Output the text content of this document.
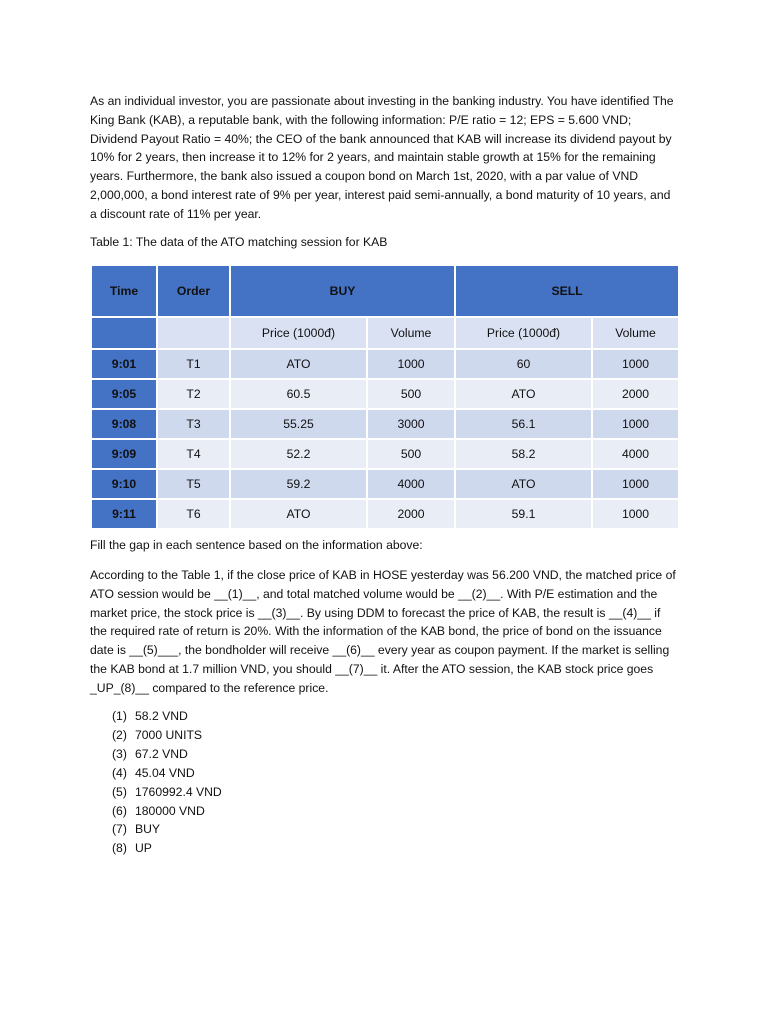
As an individual investor, you are passionate about investing in the banking industry. You have identified The King Bank (KAB), a reputable bank, with the following information: P/E ratio = 12; EPS = 5.600 VND; Dividend Payout Ratio = 40%; the CEO of the bank announced that KAB will increase its dividend payout by 10% for 2 years, then increase it to 12% for 2 years, and maintain stable growth at 15% for the remaining years. Furthermore, the bank also issued a coupon bond on March 1st, 2020, with a par value of VND 2,000,000, a bond interest rate of 9% per year, interest paid semi-annually, a bond maturity of 10 years, and a discount rate of 11% per year.

Table 1: The data of the ATO matching session for KAB

Time	Order	BUY		SELL	
		Price (1000đ)	Volume	Price (1000đ)	Volume
9:01	T1	ATO	1000	60	1000
9:05	T2	60.5	500	ATO	2000
9:08	T3	55.25	3000	56.1	1000
9:09	T4	52.2	500	58.2	4000
9:10	T5	59.2	4000	ATO	1000
9:11	T6	ATO	2000	59.1	1000

Fill the gap in each sentence based on the information above:

According to the Table 1, if the close price of KAB in HOSE yesterday was 56.200 VND, the matched price of ATO session would be __(1)__, and total matched volume would be __(2)__. With P/E estimation and the market price, the stock price is __(3)__. By using DDM to forecast the price of KAB, the result is __(4)__ if the required rate of return is 20%. With the information of the KAB bond, the price of bond on the issuance date is __(5)___, the bondholder will receive __(6)__ every year as coupon payment. If the market is selling the KAB bond at 1.7 million VND, you should __(7)__ it. After the ATO session, the KAB stock price goes _UP_(8)__ compared to the reference price.

(1) 58.2 VND
(2) 7000 UNITS
(3) 67.2 VND
(4) 45.04 VND
(5) 1760992.4 VND
(6) 180000 VND
(7) BUY
(8) UP
